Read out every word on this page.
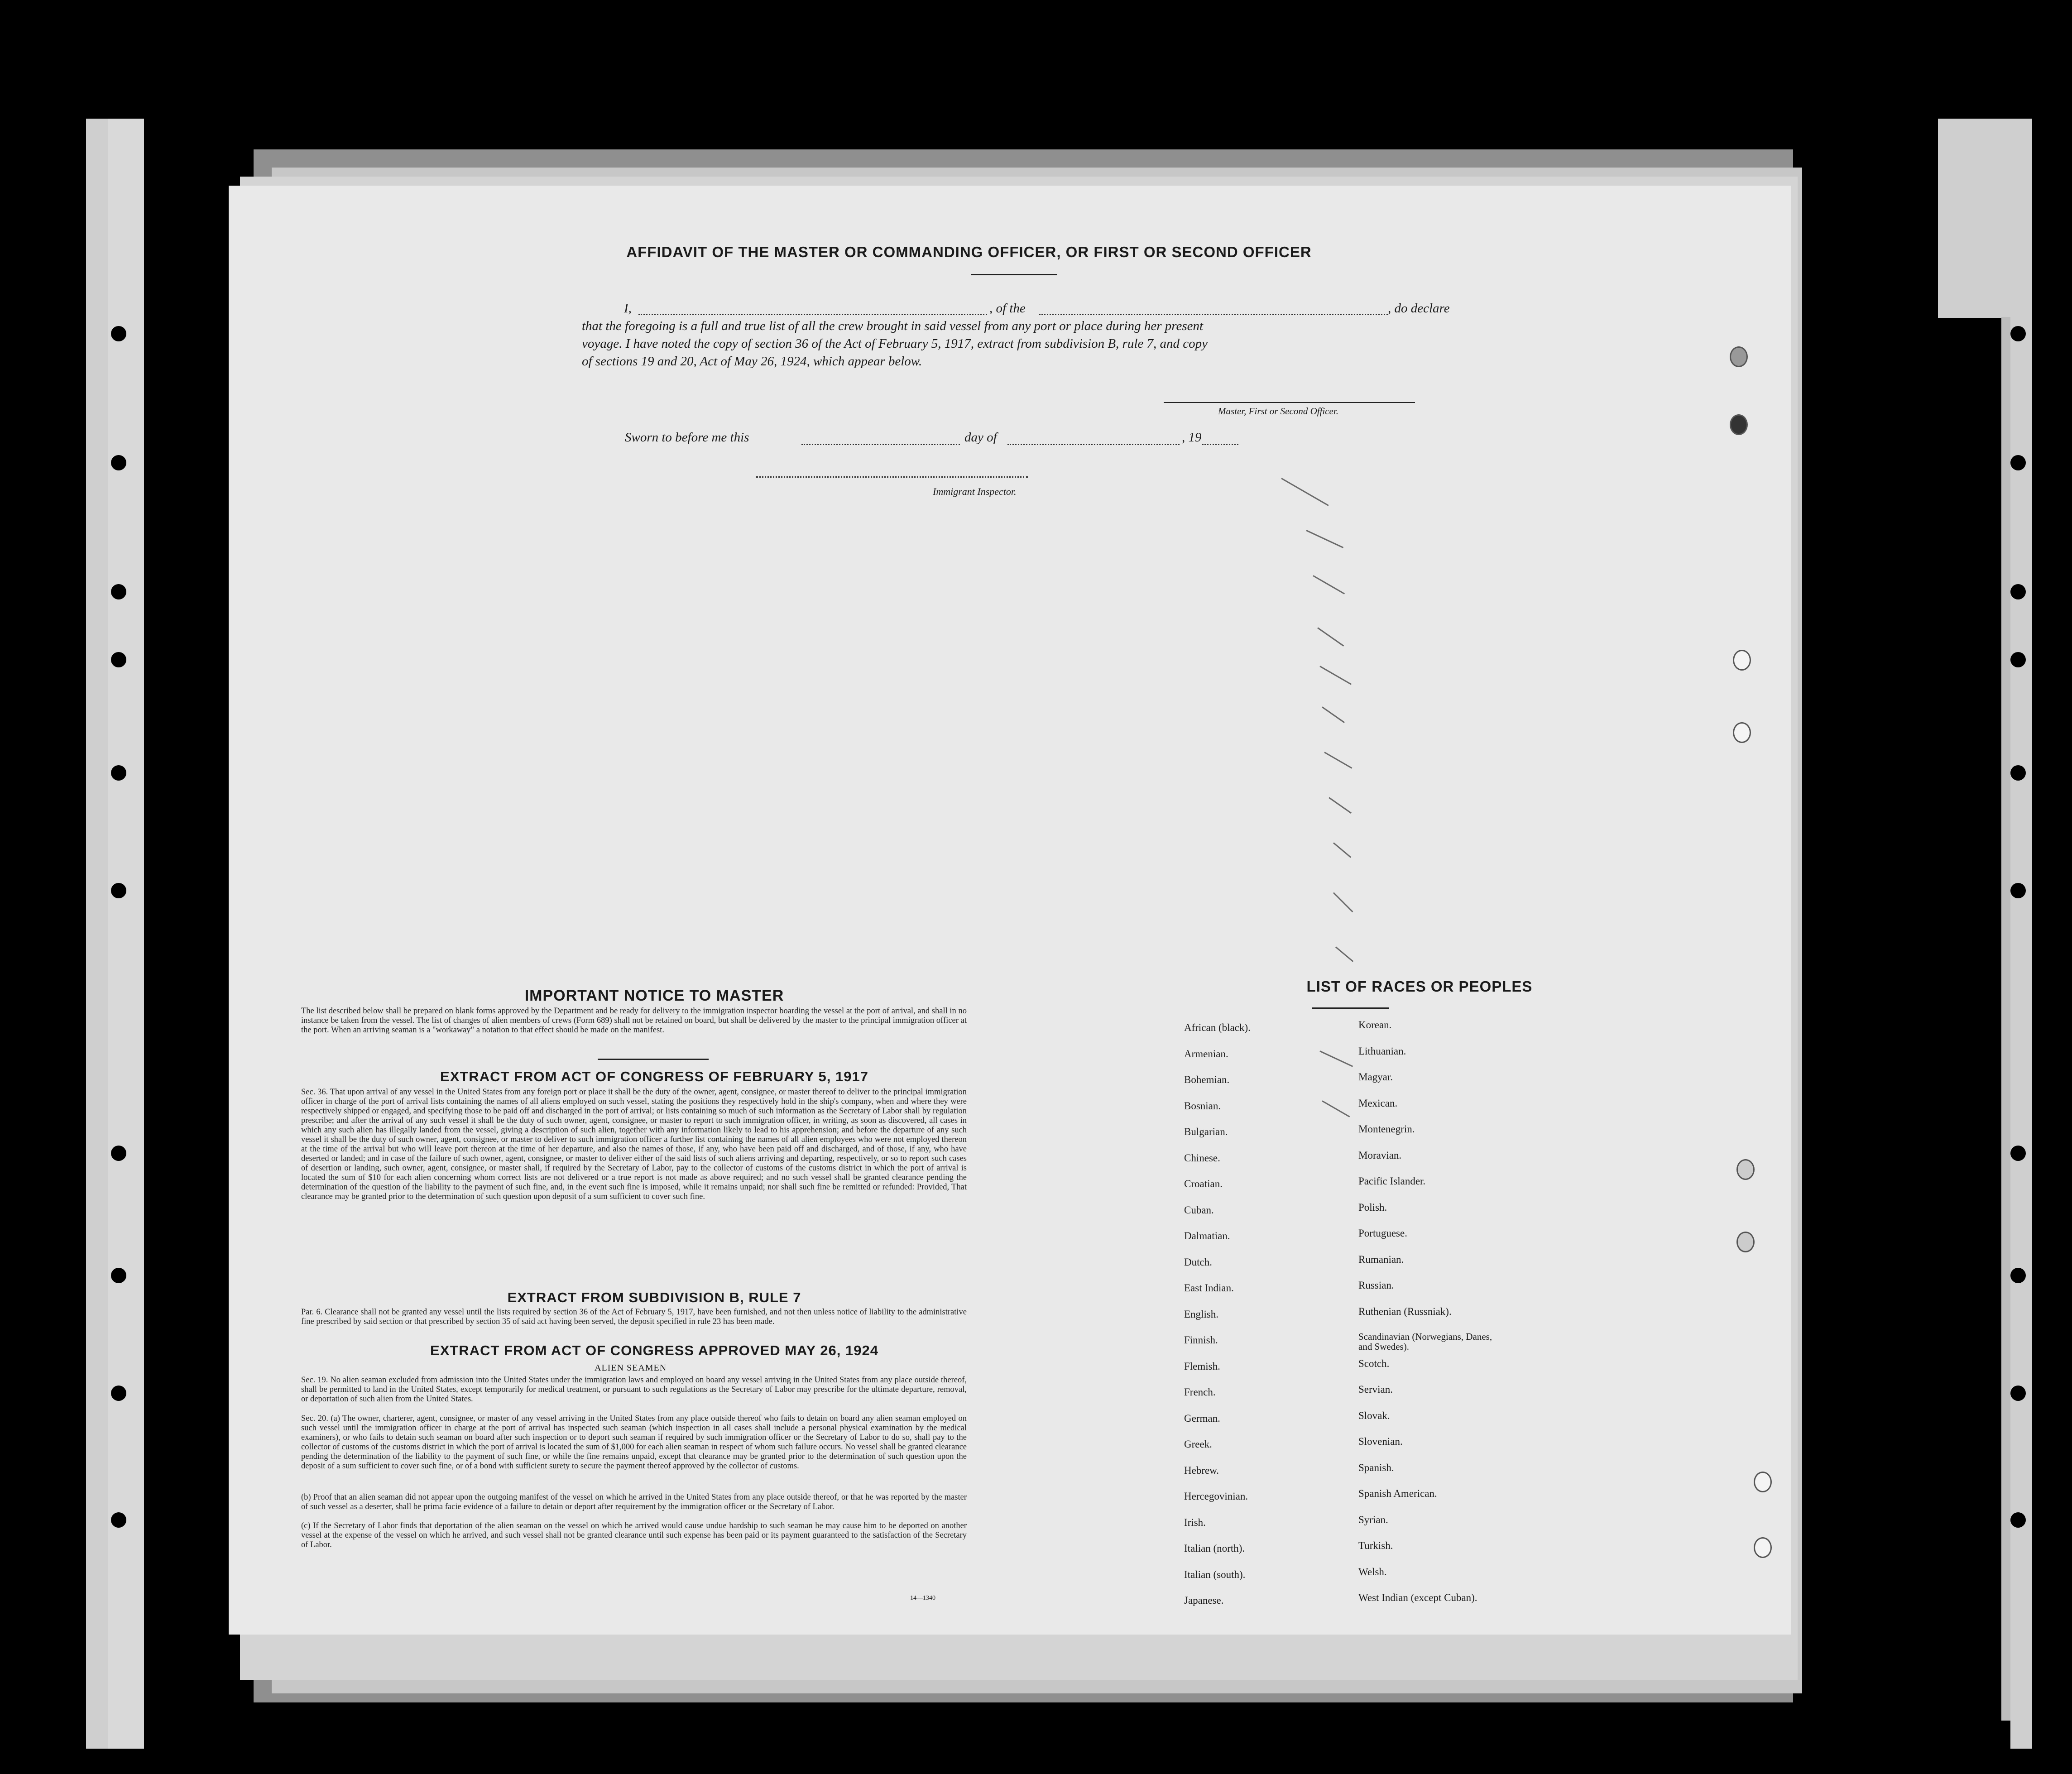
AFFIDAVIT OF THE MASTER OR COMMANDING OFFICER, OR FIRST OR SECOND OFFICER
I,	, of the	, do declare
that the foregoing is a full and true list of all the crew brought in said vessel from any port or place during her present
voyage. I have noted the copy of section 36 of the Act of February 5, 1917, extract from subdivision B, rule 7, and copy
of sections 19 and 20, Act of May 26, 1924, which appear below.
Master, First or Second Officer.
Sworn to before me this	day of	, 19
Immigrant Inspector.
IMPORTANT NOTICE TO MASTER
The list described below shall be prepared on blank forms approved by the Department and be ready for delivery to the immigration inspector boarding the vessel at the port of arrival, and shall in no instance be taken from the vessel. The list of changes of alien members of crews (Form 689) shall not be retained on board, but shall be delivered by the master to the principal immigration officer at the port. When an arriving seaman is a "workaway" a notation to that effect should be made on the manifest.
EXTRACT FROM ACT OF CONGRESS OF FEBRUARY 5, 1917
Sec. 36. That upon arrival of any vessel in the United States from any foreign port or place it shall be the duty of the owner, agent, consignee, or master thereof to deliver to the principal immigration officer in charge of the port of arrival lists containing the names of all aliens employed on such vessel, stating the positions they respectively hold in the ship's company, when and where they were respectively shipped or engaged, and specifying those to be paid off and discharged in the port of arrival; or lists containing so much of such information as the Secretary of Labor shall by regulation prescribe; and after the arrival of any such vessel it shall be the duty of such owner, agent, consignee, or master to report to such immigration officer, in writing, as soon as discovered, all cases in which any such alien has illegally landed from the vessel, giving a description of such alien, together with any information likely to lead to his apprehension; and before the departure of any such vessel it shall be the duty of such owner, agent, consignee, or master to deliver to such immigration officer a further list containing the names of all alien employees who were not employed thereon at the time of the arrival but who will leave port thereon at the time of her departure, and also the names of those, if any, who have been paid off and discharged, and of those, if any, who have deserted or landed; and in case of the failure of such owner, agent, consignee, or master to deliver either of the said lists of such aliens arriving and departing, respectively, or so to report such cases of desertion or landing, such owner, agent, consignee, or master shall, if required by the Secretary of Labor, pay to the collector of customs of the customs district in which the port of arrival is located the sum of $10 for each alien concerning whom correct lists are not delivered or a true report is not made as above required; and no such vessel shall be granted clearance pending the determination of the question of the liability to the payment of such fine, and, in the event such fine is imposed, while it remains unpaid; nor shall such fine be remitted or refunded: Provided, That clearance may be granted prior to the determination of such question upon deposit of a sum sufficient to cover such fine.
EXTRACT FROM SUBDIVISION B, RULE 7
Par. 6. Clearance shall not be granted any vessel until the lists required by section 36 of the Act of February 5, 1917, have been furnished, and not then unless notice of liability to the administrative fine prescribed by said section or that prescribed by section 35 of said act having been served, the deposit specified in rule 23 has been made.
EXTRACT FROM ACT OF CONGRESS APPROVED MAY 26, 1924
ALIEN SEAMEN
Sec. 19. No alien seaman excluded from admission into the United States under the immigration laws and employed on board any vessel arriving in the United States from any place outside thereof, shall be permitted to land in the United States, except temporarily for medical treatment, or pursuant to such regulations as the Secretary of Labor may prescribe for the ultimate departure, removal, or deportation of such alien from the United States.
Sec. 20. (a) The owner, charterer, agent, consignee, or master of any vessel arriving in the United States from any place outside thereof who fails to detain on board any alien seaman employed on such vessel until the immigration officer in charge at the port of arrival has inspected such seaman (which inspection in all cases shall include a personal physical examination by the medical examiners), or who fails to detain such seaman on board after such inspection or to deport such seaman if required by such immigration officer or the Secretary of Labor to do so, shall pay to the collector of customs of the customs district in which the port of arrival is located the sum of $1,000 for each alien seaman in respect of whom such failure occurs. No vessel shall be granted clearance pending the determination of the liability to the payment of such fine, or while the fine remains unpaid, except that clearance may be granted prior to the determination of such question upon the deposit of a sum sufficient to cover such fine, or of a bond with sufficient surety to secure the payment thereof approved by the collector of customs.
(b) Proof that an alien seaman did not appear upon the outgoing manifest of the vessel on which he arrived in the United States from any place outside thereof, or that he was reported by the master of such vessel as a deserter, shall be prima facie evidence of a failure to detain or deport after requirement by the immigration officer or the Secretary of Labor.
(c) If the Secretary of Labor finds that deportation of the alien seaman on the vessel on which he arrived would cause undue hardship to such seaman he may cause him to be deported on another vessel at the expense of the vessel on which he arrived, and such vessel shall not be granted clearance until such expense has been paid or its payment guaranteed to the satisfaction of the Secretary of Labor.
14—1340
LIST OF RACES OR PEOPLES
African (black).
Armenian.
Bohemian.
Bosnian.
Bulgarian.
Chinese.
Croatian.
Cuban.
Dalmatian.
Dutch.
East Indian.
English.
Finnish.
Flemish.
French.
German.
Greek.
Hebrew.
Hercegovinian.
Irish.
Italian (north).
Italian (south).
Japanese.
Korean.
Lithuanian.
Magyar.
Mexican.
Montenegrin.
Moravian.
Pacific Islander.
Polish.
Portuguese.
Rumanian.
Russian.
Ruthenian (Russniak).
Scandinavian (Norwegians, Danes, and Swedes).
Scotch.
Servian.
Slovak.
Slovenian.
Spanish.
Spanish American.
Syrian.
Turkish.
Welsh.
West Indian (except Cuban).
